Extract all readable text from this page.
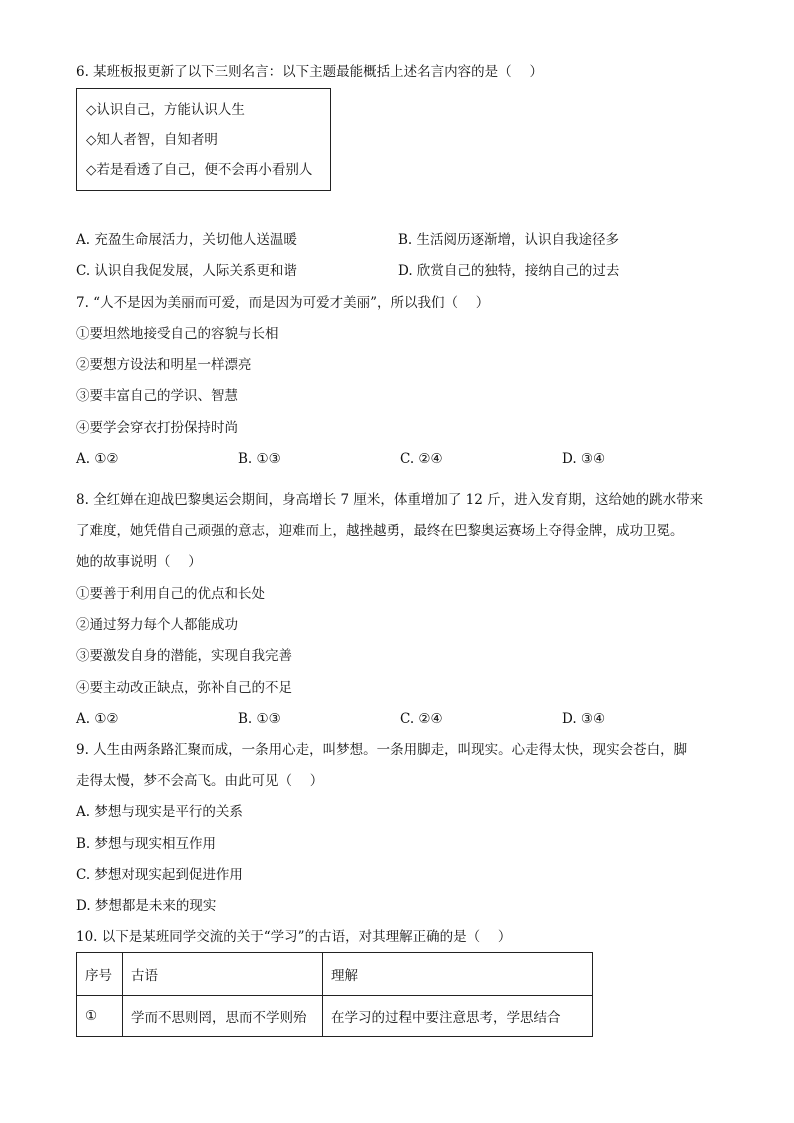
6. 某班板报更新了以下三则名言：以下主题最能概括上述名言内容的是（　 ）
◇认识自己，方能认识人生
◇知人者智，自知者明
◇若是看透了自己，便不会再小看别人
A. 充盈生命展活力，关切他人送温暖	B. 生活阅历逐渐增，认识自我途径多
C. 认识自我促发展，人际关系更和谐	D. 欣赏自己的独特，接纳自己的过去
7. “人不是因为美丽而可爱，而是因为可爱才美丽”，所以我们（　 ）
①要坦然地接受自己的容貌与长相
②要想方设法和明星一样漂亮
③要丰富自己的学识、智慧
④要学会穿衣打扮保持时尚
A. ①②	B. ①③	C. ②④	D. ③④
8. 全红婵在迎战巴黎奥运会期间，身高增长 7 厘米，体重增加了 12 斤，进入发育期，这给她的跳水带来
了难度，她凭借自己顽强的意志，迎难而上，越挫越勇，最终在巴黎奥运赛场上夺得金牌，成功卫冕。
她的故事说明（　 ）
①要善于利用自己的优点和长处
②通过努力每个人都能成功
③要激发自身的潜能，实现自我完善
④要主动改正缺点，弥补自己的不足
A. ①②	B. ①③	C. ②④	D. ③④
9. 人生由两条路汇聚而成，一条用心走，叫梦想。一条用脚走，叫现实。心走得太快，现实会苍白，脚
走得太慢，梦不会高飞。由此可见（　 ）
A. 梦想与现实是平行的关系
B. 梦想与现实相互作用
C. 梦想对现实起到促进作用
D. 梦想都是未来的现实
10. 以下是某班同学交流的关于“学习”的古语，对其理解正确的是（　 ）
序号	古语	理解
①	学而不思则罔，思而不学则殆	在学习的过程中要注意思考，学思结合
